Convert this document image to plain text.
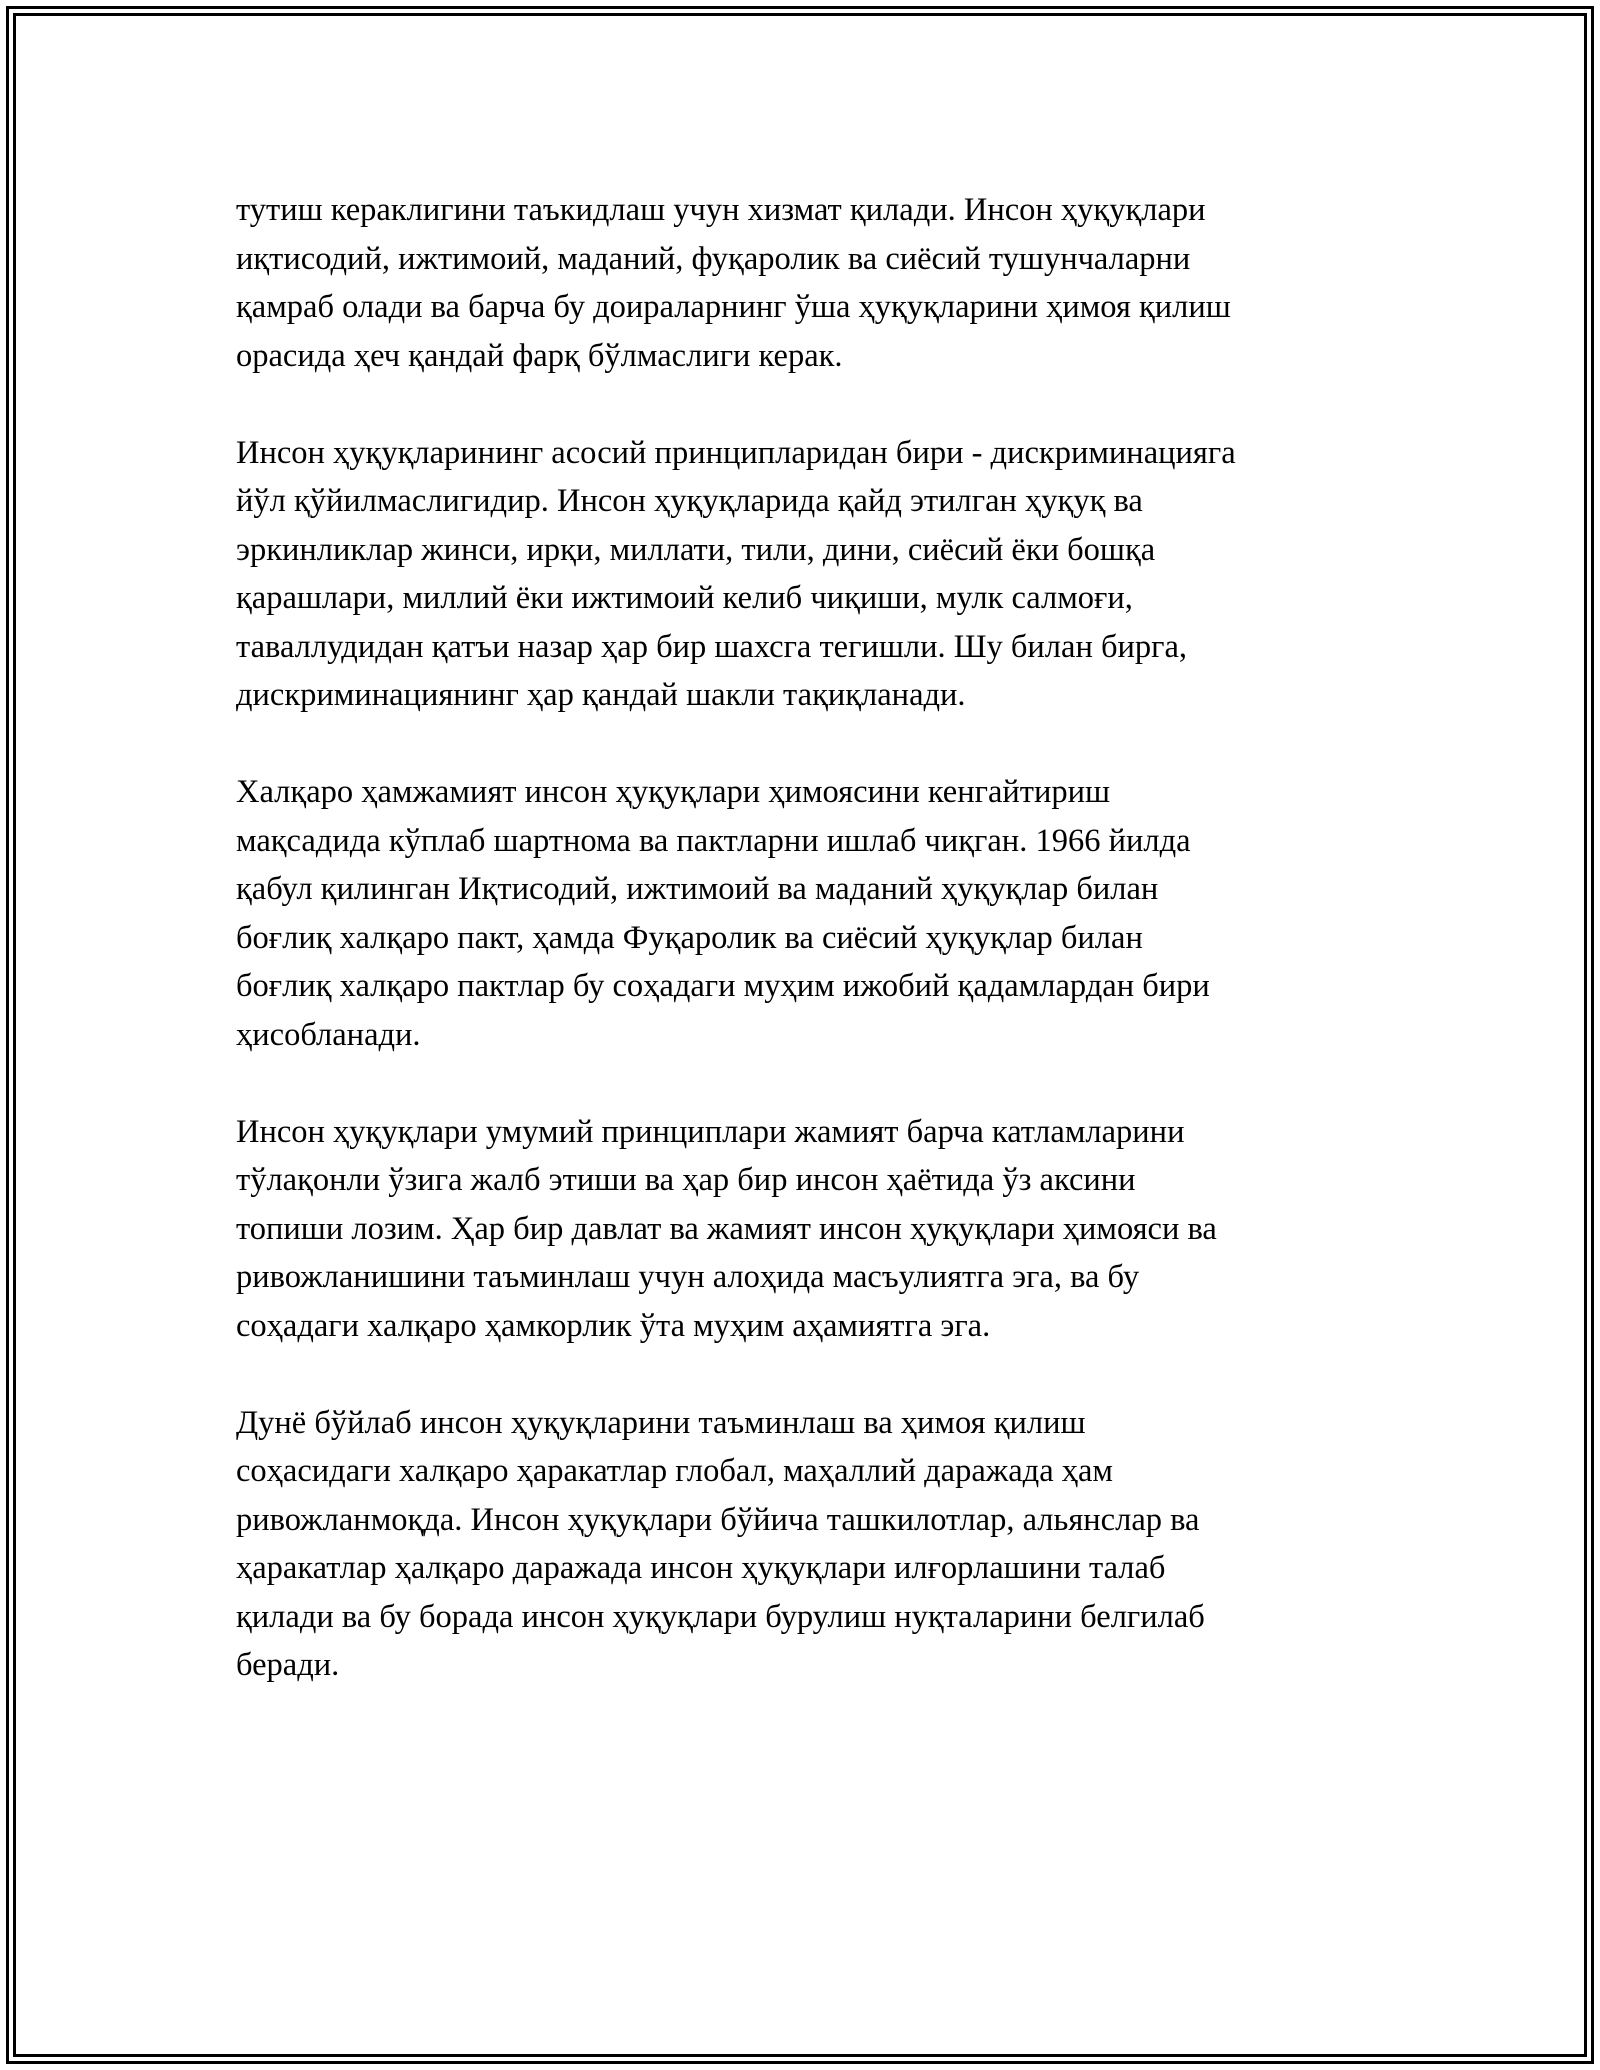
тутиш кераклигини таъкидлаш учун хизмат қилади. Инсон ҳуқуқлари
иқтисодий, ижтимоий, маданий, фуқаролик ва сиёсий тушунчаларни
қамраб олади ва барча бу доираларнинг ўша ҳуқуқларини ҳимоя қилиш
орасида ҳеч қандай фарқ бўлмаслиги керак.

Инсон ҳуқуқларининг асосий принципларидан бири - дискриминацияга
йўл қўйилмаслигидир. Инсон ҳуқуқларида қайд этилган ҳуқуқ ва
эркинликлар жинси, ирқи, миллати, тили, дини, сиёсий ёки бошқа
қарашлари, миллий ёки ижтимоий келиб чиқиши, мулк салмоғи,
таваллудидан қатъи назар ҳар бир шахсга тегишли. Шу билан бирга,
дискриминациянинг ҳар қандай шакли тақиқланади.

Халқаро ҳамжамият инсон ҳуқуқлари ҳимоясини кенгайтириш
мақсадида кўплаб шартнома ва пактларни ишлаб чиқган. 1966 йилда
қабул қилинган Иқтисодий, ижтимоий ва маданий ҳуқуқлар билан
боғлиқ халқаро пакт, ҳамда Фуқаролик ва сиёсий ҳуқуқлар билан
боғлиқ халқаро пактлар бу соҳадаги муҳим ижобий қадамлардан бири
ҳисобланади.

Инсон ҳуқуқлари умумий принциплари жамият барча катламларини
тўлақонли ўзига жалб этиши ва ҳар бир инсон ҳаётида ўз аксини
топиши лозим. Ҳар бир давлат ва жамият инсон ҳуқуқлари ҳимояси ва
ривожланишини таъминлаш учун алоҳида масъулиятга эга, ва бу
соҳадаги халқаро ҳамкорлик ўта муҳим аҳамиятга эга.

Дунё бўйлаб инсон ҳуқуқларини таъминлаш ва ҳимоя қилиш
соҳасидаги халқаро ҳаракатлар глобал, маҳаллий даражада ҳам
ривожланмоқда. Инсон ҳуқуқлари бўйича ташкилотлар, альянслар ва
ҳаракатлар ҳалқаро даражада инсон ҳуқуқлари илғорлашини талаб
қилади ва бу борада инсон ҳуқуқлари бурулиш нуқталарини белгилаб
беради.
